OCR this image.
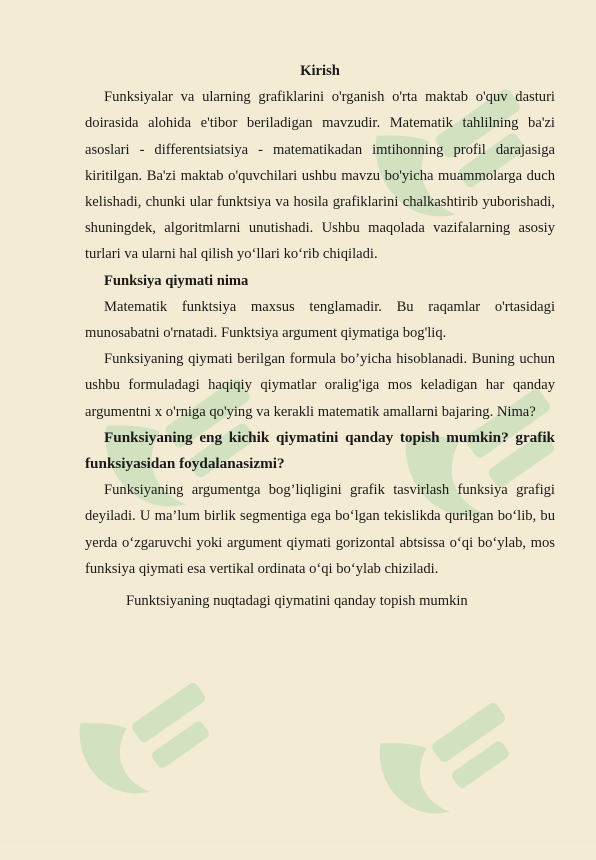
Kirish

Funksiyalar va ularning grafiklarini o'rganish o'rta maktab o'quv dasturi doirasida alohida e'tibor beriladigan mavzudir. Matematik tahlilning ba'zi asoslari - differentsiatsiya - matematikadan imtihonning profil darajasiga kiritilgan. Ba'zi maktab o'quvchilari ushbu mavzu bo'yicha muammolarga duch kelishadi, chunki ular funktsiya va hosila grafiklarini chalkashtirib yuborishadi, shuningdek, algoritmlarni unutishadi. Ushbu maqolada vazifalarning asosiy turlari va ularni hal qilish yo‘llari ko‘rib chiqiladi.

Funksiya qiymati nima

Matematik funktsiya maxsus tenglamadir. Bu raqamlar o'rtasidagi munosabatni o'rnatadi. Funktsiya argument qiymatiga bog'liq.

Funksiyaning qiymati berilgan formula bo’yicha hisoblanadi. Buning uchun ushbu formuladagi haqiqiy qiymatlar oralig'iga mos keladigan har qanday argumentni x o'rniga qo'ying va kerakli matematik amallarni bajaring. Nima?

Funksiyaning eng kichik qiymatini qanday topish mumkin? grafik funksiyasidan foydalanasizmi?

Funksiyaning argumentga bog’liqligini grafik tasvirlash funksiya grafigi deyiladi. U ma’lum birlik segmentiga ega bo‘lgan tekislikda qurilgan bo‘lib, bu yerda o‘zgaruvchi yoki argument qiymati gorizontal abtsissa o‘qi bo‘ylab, mos funksiya qiymati esa vertikal ordinata o‘qi bo‘ylab chiziladi.

Funktsiyaning nuqtadagi qiymatini qanday topish mumkin
